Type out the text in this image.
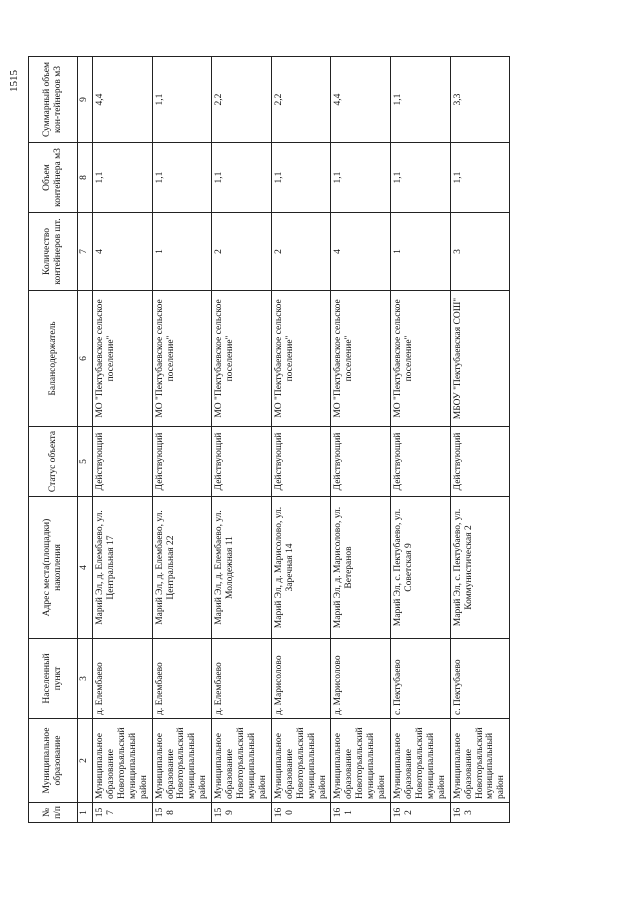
1515
№ п/п	Муниципальное образование	Населенный пункт	Адрес места(площадки) накопления	Статус объекта	Балансодержатель	Количество контейнеров шт.	Объем контейнера м3	Суммарный объем кон-тейнеров м3
1	2	3	4	5	6	7	8	9
157	Муниципальное образование Новоторъяльский муниципальный район	д. Елембаево	Марий Эл, д. Елембаево, ул. Центральная 17	Действующий	МО "Пектубаевское сельское поселение"	4	1,1	4,4
158	Муниципальное образование Новоторъяльский муниципальный район	д. Елембаево	Марий Эл, д. Елембаево, ул. Центральная 22	Действующий	МО "Пектубаевское сельское поселение"	1	1,1	1,1
159	Муниципальное образование Новоторъяльский муниципальный район	д. Елембаево	Марий Эл, д. Елембаево, ул. Молодежная 11	Действующий	МО "Пектубаевское сельское поселение"	2	1,1	2,2
160	Муниципальное образование Новоторъяльский муниципальный район	д. Марисолово	Марий Эл, д. Марисолово, ул. Заречная 14	Действующий	МО "Пектубаевское сельское поселение"	2	1,1	2,2
161	Муниципальное образование Новоторъяльский муниципальный район	д. Марисолово	Марий Эл, д. Марисолово, ул. Ветеранов	Действующий	МО "Пектубаевское сельское поселение"	4	1,1	4,4
162	Муниципальное образование Новоторъяльский муниципальный район	с. Пектубаево	Марий Эл, с. Пектубаево, ул. Советская 9	Действующий	МО "Пектубаевское сельское поселение"	1	1,1	1,1
163	Муниципальное образование Новоторъяльский муниципальный район	с. Пектубаево	Марий Эл, с. Пектубаево, ул. Коммунистическая 2	Действующий	МБОУ "Пектубаевская СОШ"	3	1,1	3,3
